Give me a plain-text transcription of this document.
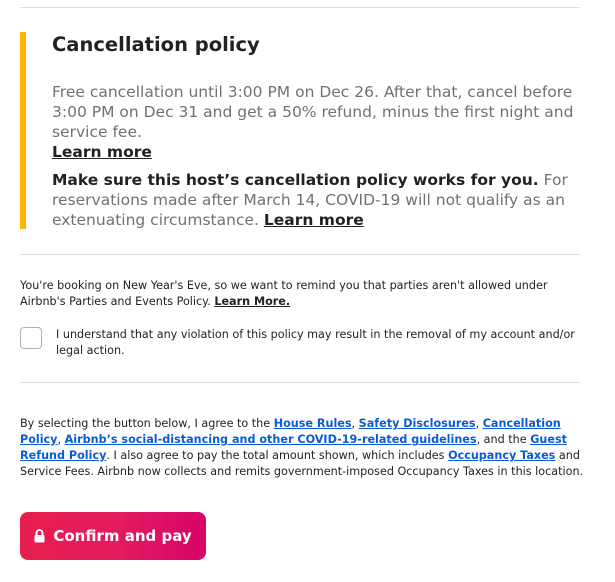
Cancellation policy
Free cancellation until 3:00 PM on Dec 26. After that, cancel before 3:00 PM on Dec 31 and get a 50% refund, minus the first night and service fee.
Learn more
Make sure this host’s cancellation policy works for you. For reservations made after March 14, COVID-19 will not qualify as an extenuating circumstance. Learn more
You're booking on New Year's Eve, so we want to remind you that parties aren't allowed under Airbnb's Parties and Events Policy. Learn More.
I understand that any violation of this policy may result in the removal of my account and/or legal action.
By selecting the button below, I agree to the House Rules, Safety Disclosures, Cancellation Policy, Airbnb’s social-distancing and other COVID-19-related guidelines, and the Guest Refund Policy. I also agree to pay the total amount shown, which includes Occupancy Taxes and Service Fees. Airbnb now collects and remits government-imposed Occupancy Taxes in this location.
Confirm and pay
